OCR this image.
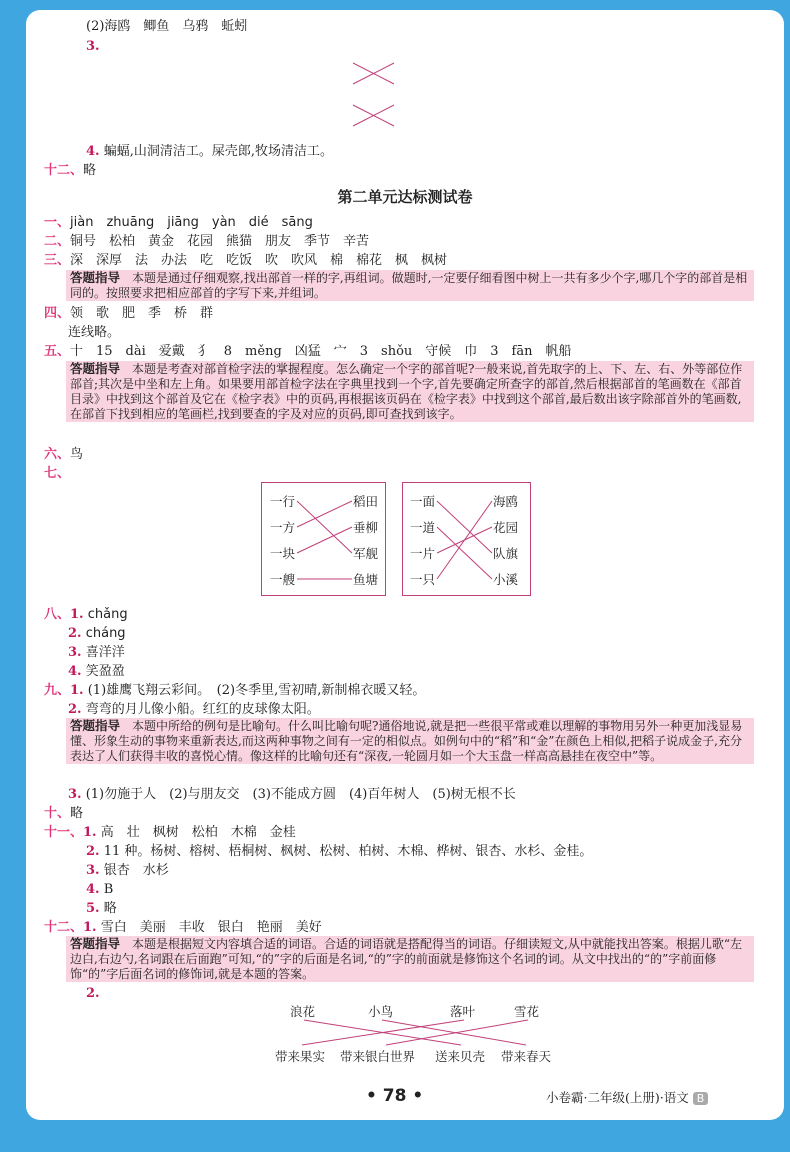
(2)海鸥　鲫鱼　乌鸦　蚯蚓
3.
4. 蝙蝠,山洞清洁工。屎壳郎,牧场清洁工。
十二、略
第二单元达标测试卷
一、jiàn　zhuāng　jiāng　yàn　dié　sāng
二、铜号　松柏　黄金　花园　熊猫　朋友　季节　辛苦
三、深　深厚　法　办法　吃　吃饭　吹　吹风　棉　棉花　枫　枫树
答题指导　本题是通过仔细观察,找出部首一样的字,再组词。做题时,一定要仔细看图中树上一共有多少个字,哪几个字的部首是相同的。按照要求把相应部首的字写下来,并组词。
四、领　歌　肥　季　桥　群
连线略。
五、十　15　dài　爱戴　犭　8　měng　凶猛　宀　3　shǒu　守候　巾　3　fān　帆船
答题指导　本题是考查对部首检字法的掌握程度。怎么确定一个字的部首呢?一般来说,首先取字的上、下、左、右、外等部位作部首;其次是中坐和左上角。如果要用部首检字法在字典里找到一个字,首先要确定所查字的部首,然后根据部首的笔画数在《部首目录》中找到这个部首及它在《检字表》中的页码,再根据该页码在《检字表》中找到这个部首,最后数出该字除部首外的笔画数,在部首下找到相应的笔画栏,找到要查的字及对应的页码,即可查找到该字。
六、鸟
七、
一行
一方
一块
一艘
稻田
垂柳
军舰
鱼塘
一面
一道
一片
一只
海鸥
花园
队旗
小溪
八、1. chǎng
2. cháng
3. 喜洋洋
4. 笑盈盈
九、1. (1)雄鹰飞翔云彩间。　(2)冬季里,雪初晴,新制棉衣暖又轻。
2. 弯弯的月儿像小船。红红的皮球像太阳。
答题指导　本题中所给的例句是比喻句。什么叫比喻句呢?通俗地说,就是把一些很平常或难以理解的事物用另外一种更加浅显易懂、形象生动的事物来重新表达,而这两种事物之间有一定的相似点。如例句中的“稻”和“金”在颜色上相似,把稻子说成金子,充分表达了人们获得丰收的喜悦心情。像这样的比喻句还有“深夜,一轮圆月如一个大玉盘一样高高悬挂在夜空中”等。
3. (1)勿施于人　(2)与朋友交　(3)不能成方圆　(4)百年树人　(5)树无根不长
十、略
十一、1. 高　壮　枫树　松柏　木棉　金桂
2. 11 种。杨树、榕树、梧桐树、枫树、松树、柏树、木棉、桦树、银杏、水杉、金桂。
3. 银杏　水杉
4. B
5. 略
十二、1. 雪白　美丽　丰收　银白　艳丽　美好
答题指导　本题是根据短文内容填合适的词语。合适的词语就是搭配得当的词语。仔细读短文,从中就能找出答案。根据儿歌“左边白,右边勺,名词跟在后面跑”可知,“的”字的后面是名词,“的”字的前面就是修饰这个名词的词。从文中找出的“的”字前面修饰“的”字后面名词的修饰词,就是本题的答案。
2.
浪花	小鸟	落叶	雪花
带来果实 带来银白世界 送来贝壳 带来春天
• 78 •	小卷霸·二年级(上册)·语文 B
